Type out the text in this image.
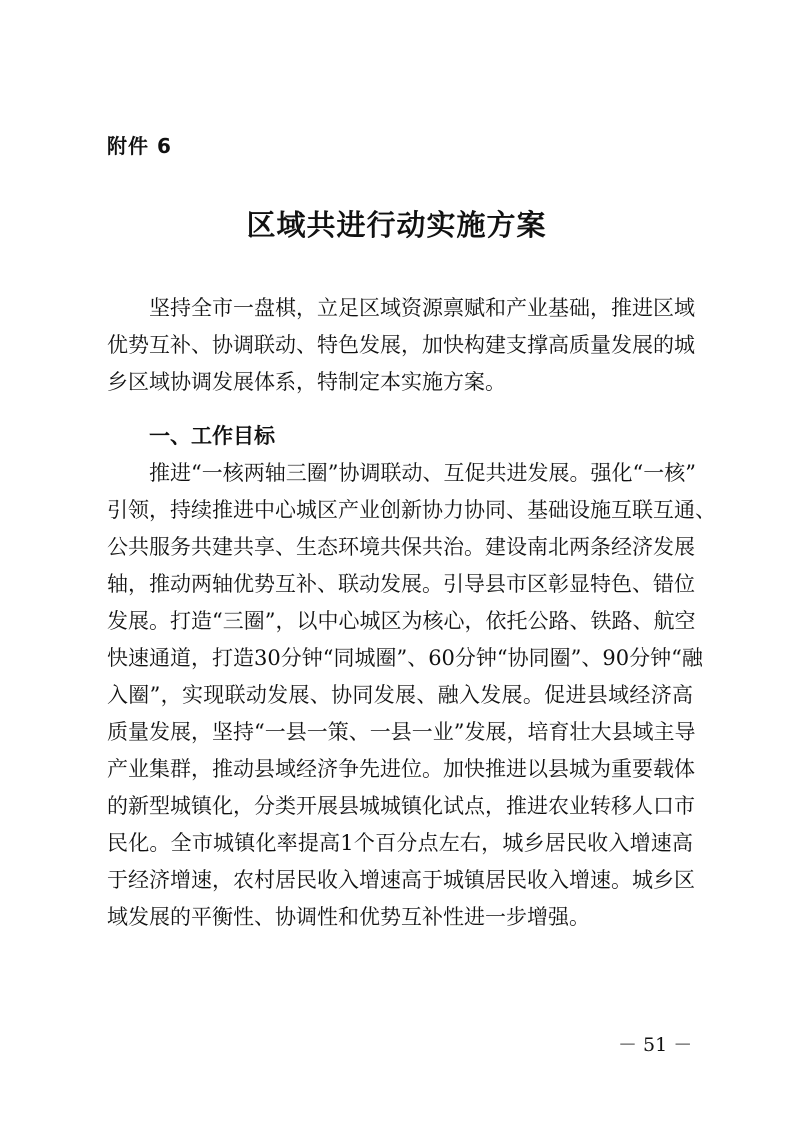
附件 6
区域共进行动实施方案
坚持全市一盘棋，立足区域资源禀赋和产业基础，推进区域
优势互补、协调联动、特色发展，加快构建支撑高质量发展的城
乡区域协调发展体系，特制定本实施方案。
一、工作目标
推进“一核两轴三圈”协调联动、互促共进发展。强化“一核”
引领，持续推进中心城区产业创新协力协同、基础设施互联互通、
公共服务共建共享、生态环境共保共治。建设南北两条经济发展
轴，推动两轴优势互补、联动发展。引导县市区彰显特色、错位
发展。打造“三圈”，以中心城区为核心，依托公路、铁路、航空
快速通道，打造30分钟“同城圈”、60分钟“协同圈”、90分钟“融
入圈”，实现联动发展、协同发展、融入发展。促进县域经济高
质量发展，坚持“一县一策、一县一业”发展，培育壮大县域主导
产业集群，推动县域经济争先进位。加快推进以县城为重要载体
的新型城镇化，分类开展县城城镇化试点，推进农业转移人口市
民化。全市城镇化率提高1个百分点左右，城乡居民收入增速高
于经济增速，农村居民收入增速高于城镇居民收入增速。城乡区
域发展的平衡性、协调性和优势互补性进一步增强。
－ 51 －
